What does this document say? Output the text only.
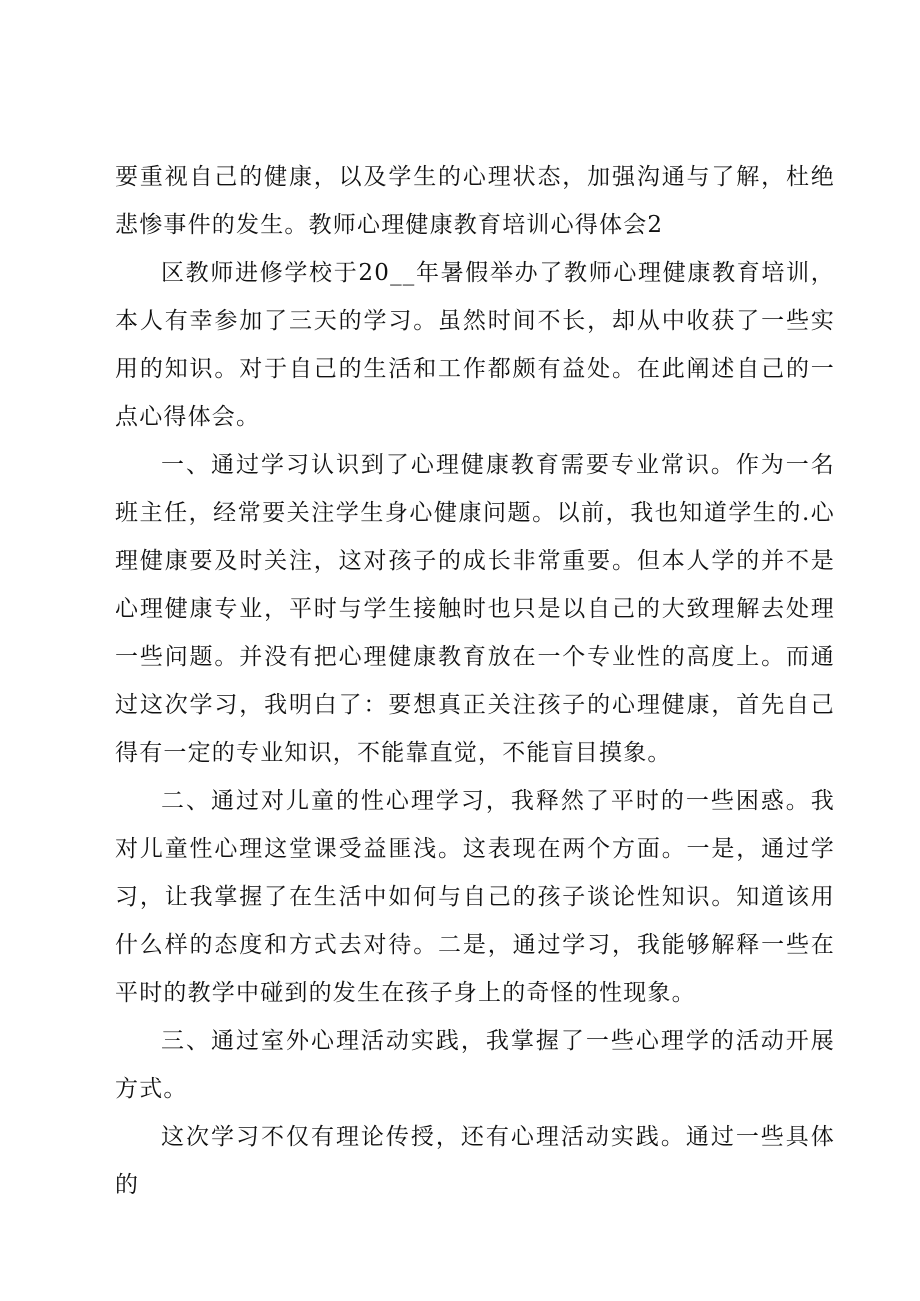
要重视自己的健康，以及学生的心理状态，加强沟通与了解，杜绝悲惨事件的发生。教师心理健康教育培训心得体会2

区教师进修学校于20__年暑假举办了教师心理健康教育培训，本人有幸参加了三天的学习。虽然时间不长，却从中收获了一些实用的知识。对于自己的生活和工作都颇有益处。在此阐述自己的一点心得体会。

一、通过学习认识到了心理健康教育需要专业常识。作为一名班主任，经常要关注学生身心健康问题。以前，我也知道学生的.心理健康要及时关注，这对孩子的成长非常重要。但本人学的并不是心理健康专业，平时与学生接触时也只是以自己的大致理解去处理一些问题。并没有把心理健康教育放在一个专业性的高度上。而通过这次学习，我明白了：要想真正关注孩子的心理健康，首先自己得有一定的专业知识，不能靠直觉，不能盲目摸象。

二、通过对儿童的性心理学习，我释然了平时的一些困惑。我对儿童性心理这堂课受益匪浅。这表现在两个方面。一是，通过学习，让我掌握了在生活中如何与自己的孩子谈论性知识。知道该用什么样的态度和方式去对待。二是，通过学习，我能够解释一些在平时的教学中碰到的发生在孩子身上的奇怪的性现象。

三、通过室外心理活动实践，我掌握了一些心理学的活动开展方式。

这次学习不仅有理论传授，还有心理活动实践。通过一些具体的
